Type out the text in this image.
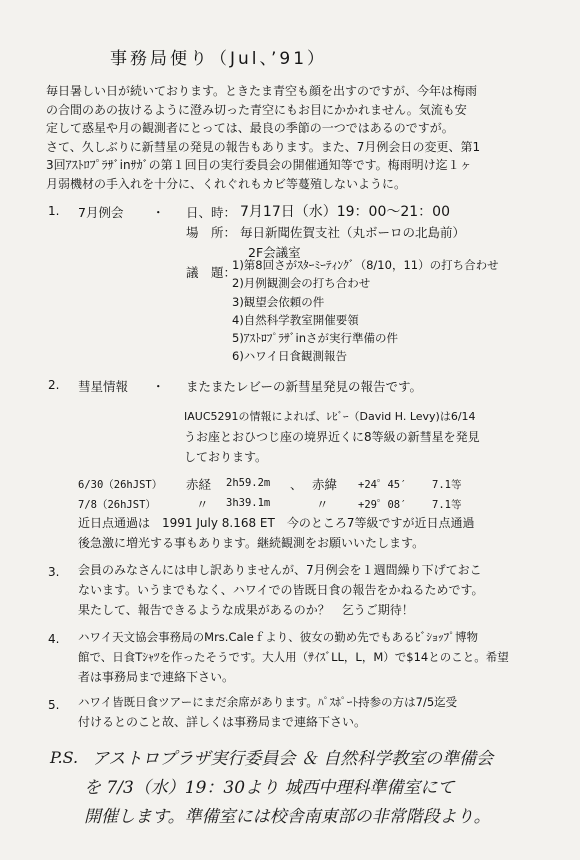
事務局便り（Jul、’91）
毎日暑しい日が続いております。ときたま青空も顔を出すのですが、今年は梅雨
の合間のあの抜けるように澄み切った青空にもお目にかかれません。気流も安
定して惑星や月の観測者にとっては、最良の季節の一つではあるのですが。
さて、久しぶりに新彗星の発見の報告もあります。また、7月例会日の変更、第1
3回ｱｽﾄﾛﾌﾟﾗｻﾞinｻｶﾞの第１回目の実行委員会の開催通知等です。梅雨明け迄１ヶ
月弱機材の手入れを十分に、くれぐれもカビ等蔓殖しないように。
1. 7月例会 ・ 日、時： 7月17日（水）19：00〜21：00
場　所： 毎日新聞佐賀支社（丸ボーロの北島前）
2F会議室
議　題：
1)第8回さがｽﾀｰﾐｰﾃｨﾝｸﾞ（8/10，11）の打ち合わせ
2)月例観測会の打ち合わせ
3)観望会依頼の件
4)自然科学教室開催要領
5)ｱｽﾄﾛﾌﾟﾗｻﾞinさが実行準備の件
6)ハワイ日食観測報告
2. 彗星情報 ・ またまたレビーの新彗星発見の報告です。
IAUC5291の情報によれば、ﾚﾋﾞｰ（David H. Levy)は6/14
うお座とおひつじ座の境界近くに8等級の新彗星を発見
しております。
6/30（26hJST） 赤経 2h59.2m 、 赤緯 +24゜45′ 7.1等
7/8（26hJST）	〃 3h39.1m	〃	+29゜08′ 7.1等
近日点通過は　1991 July 8.168 ET　今のところ7等級ですが近日点通過
後急激に増光する事もあります。継続観測をお願いいたします。
3. 会員のみなさんには申し訳ありませんが、7月例会を１週間繰り下げておこ
ないます。いうまでもなく、ハワイでの皆既日食の報告をかねるためです。
果たして、報告できるような成果があるのか？　乞うご期待！
4. ハワイ天文協会事務局のMrs.Caleｆより、彼女の勤め先でもあるﾋﾞｼｮｯﾌﾟ博物
館で、日食Tｼｬﾂを作ったそうです。大人用（ｻｲｽﾞLL，L，M）で$14とのこと。希望
者は事務局まで連絡下さい。
5. ハワイ皆既日食ツアーにまだ余席があります。ﾊﾟｽﾎﾟｰﾄ持参の方は7/5迄受
付けるとのこと故、詳しくは事務局まで連絡下さい。
P.S. アストロプラザ実行委員会 ＆ 自然科学教室の準備会
を 7/3（水）19：30より 城西中理科準備室にて
開催します。準備室には校舎南東部の非常階段より。
